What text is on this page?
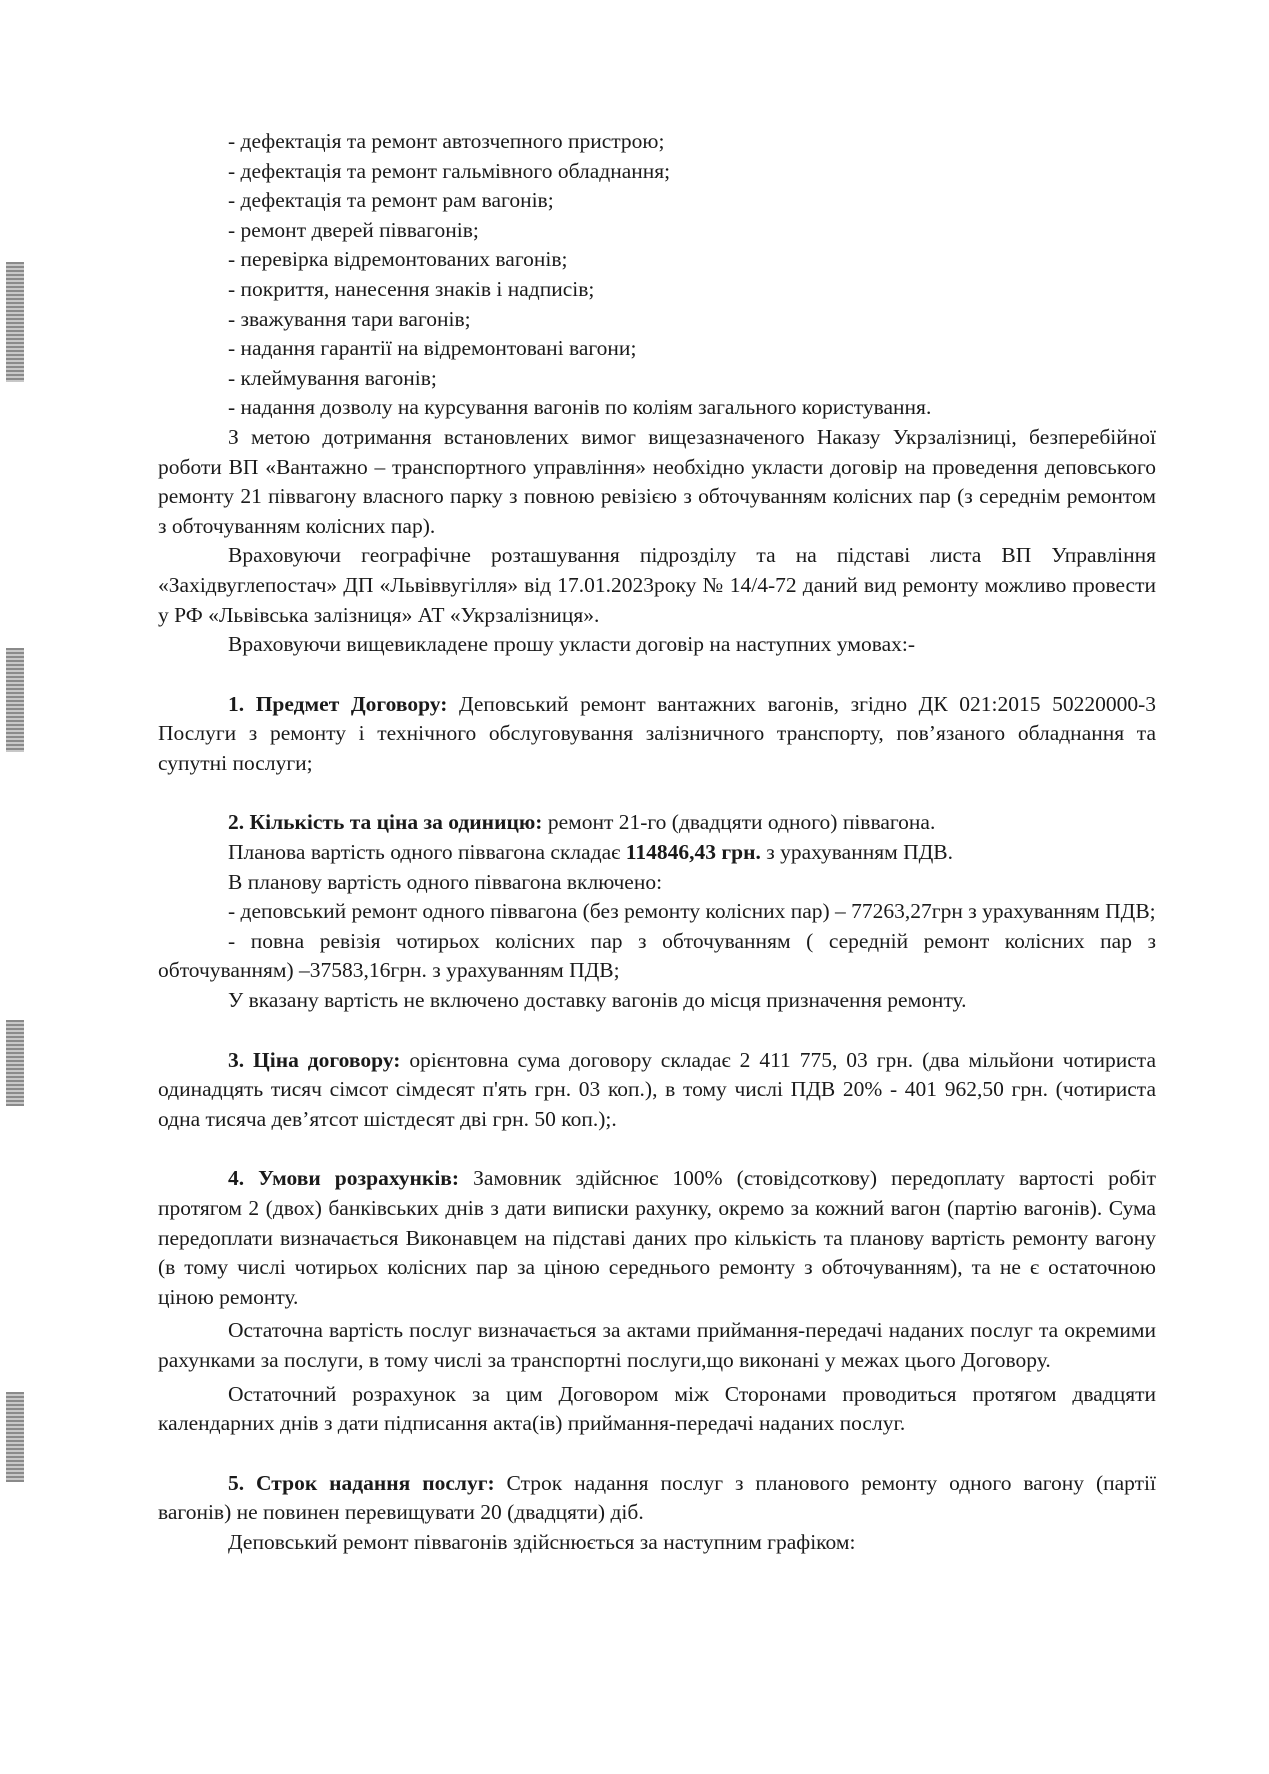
- дефектація та ремонт автозчепного пристрою;

- дефектація та ремонт гальмівного обладнання;

- дефектація та ремонт рам вагонів;

- ремонт дверей піввагонів;

- перевірка відремонтованих вагонів;

- покриття, нанесення знаків і надписів;

- зважування тари вагонів;

- надання гарантії на відремонтовані вагони;

- клеймування вагонів;

- надання дозволу на курсування вагонів по коліям загального користування.

З метою дотримання встановлених вимог вищезазначеного Наказу Укрзалізниці, безперебійної роботи ВП «Вантажно – транспортного управління» необхідно укласти договір на проведення деповського ремонту 21 піввагону власного парку з повною ревізією з обточуванням колісних пар (з середнім ремонтом з обточуванням колісних пар).

Враховуючи географічне розташування підрозділу та на підставі листа ВП Управління «Західвуглепостач» ДП «Львіввугілля» від 17.01.2023року № 14/4-72 даний вид ремонту можливо провести у РФ «Львівська залізниця» АТ «Укрзалізниця».

Враховуючи вищевикладене прошу укласти договір на наступних умовах:-

1. Предмет Договору: Деповський ремонт вантажних вагонів, згідно ДК 021:2015 50220000-3 Послуги з ремонту і технічного обслуговування залізничного транспорту, пов’язаного обладнання та супутні послуги;

2. Кількість та ціна за одиницю: ремонт 21-го (двадцяти одного) піввагона.

Планова вартість одного піввагона складає 114846,43 грн. з урахуванням ПДВ.

В планову вартість одного піввагона включено:

- деповський ремонт одного піввагона (без ремонту колісних пар) – 77263,27грн з урахуванням ПДВ;

- повна ревізія чотирьох колісних пар з обточуванням ( середній ремонт колісних пар з обточуванням) –37583,16грн. з урахуванням ПДВ;

У вказану вартість не включено доставку вагонів до місця призначення ремонту.

3. Ціна договору: орієнтовна сума договору складає 2 411 775, 03 грн. (два мільйони чотириста одинадцять тисяч сімсот сімдесят п'ять грн. 03 коп.), в тому числі ПДВ 20% - 401 962,50 грн. (чотириста одна тисяча дев’ятсот шістдесят дві грн. 50 коп.);.

4. Умови розрахунків: Замовник здійснює 100% (стовідсоткову) передоплату вартості робіт протягом 2 (двох) банківських днів з дати виписки рахунку, окремо за кожний вагон (партію вагонів). Сума передоплати визначається Виконавцем на підставі даних про кількість та планову вартість ремонту вагону (в тому числі чотирьох колісних пар за ціною середнього ремонту з обточуванням), та не є остаточною ціною ремонту.

Остаточна вартість послуг визначається за актами приймання-передачі наданих послуг та окремими рахунками за послуги, в тому числі за транспортні послуги,що виконані у межах цього Договору.

Остаточний розрахунок за цим Договором між Сторонами проводиться протягом двадцяти календарних днів з дати підписання акта(ів) приймання-передачі наданих послуг.

5. Строк надання послуг: Строк надання послуг з планового ремонту одного вагону (партії вагонів) не повинен перевищувати 20 (двадцяти) діб.

Деповський ремонт піввагонів здійснюється за наступним графіком:
